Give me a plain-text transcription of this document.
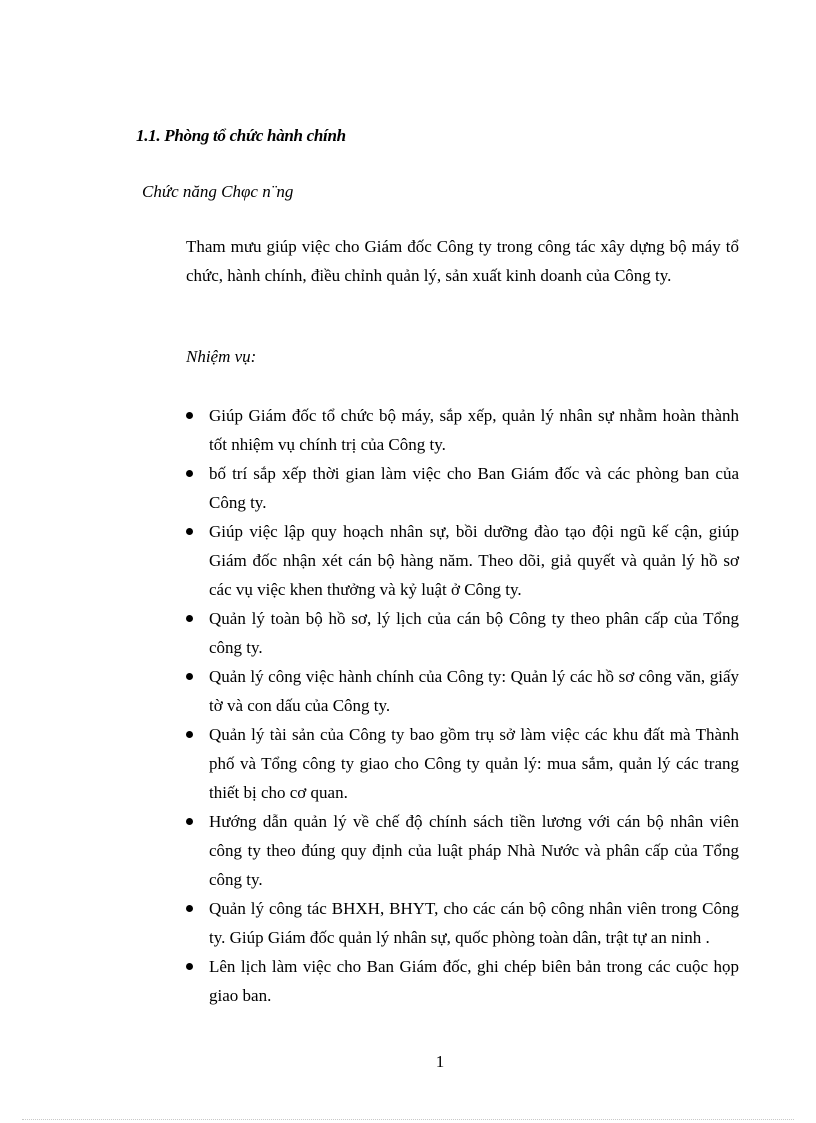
1.1. Phòng tổ chức hành chính
Chức năng Chφc n¨ng

Tham mưu giúp việc cho Giám đốc Công ty trong công tác xây dựng bộ máy tổ chức, hành chính, điều chỉnh quản lý, sản xuất kinh doanh của Công ty.

Nhiệm vụ:
Giúp Giám đốc tổ chức bộ máy, sắp xếp, quản lý nhân sự nhằm hoàn thành tốt nhiệm vụ chính trị của Công ty.
bố trí sắp xếp thời gian làm việc cho Ban Giám đốc và các phòng ban của Công ty.
Giúp việc lập quy hoạch nhân sự, bồi dưỡng đào tạo đội ngũ kế cận, giúp Giám đốc nhận xét cán bộ hàng năm. Theo dõi, giả quyết và quản lý hồ sơ các vụ việc khen thưởng và kỷ luật ở Công ty.
Quản lý toàn bộ hồ sơ, lý lịch của cán bộ Công ty theo phân cấp của Tổng công ty.
Quản lý công việc hành chính của Công ty: Quản lý các hồ sơ công văn, giấy tờ và con dấu của Công ty.
Quản lý tài sản của Công ty bao gồm trụ sở làm việc các khu đất mà Thành phố và Tổng công ty giao cho Công ty quản lý: mua sắm, quản lý các trang thiết bị cho cơ quan.
Hướng dẫn quản lý về chế độ chính sách tiền lương với cán bộ nhân viên công ty theo đúng quy định của luật pháp Nhà Nước và phân cấp của Tổng công ty.
Quản lý công tác BHXH, BHYT, cho các cán bộ công nhân viên trong Công ty. Giúp Giám đốc quản lý nhân sự, quốc phòng toàn dân, trật tự an ninh .
Lên lịch làm việc cho Ban Giám đốc, ghi chép biên bản trong các cuộc họp giao ban.
1
